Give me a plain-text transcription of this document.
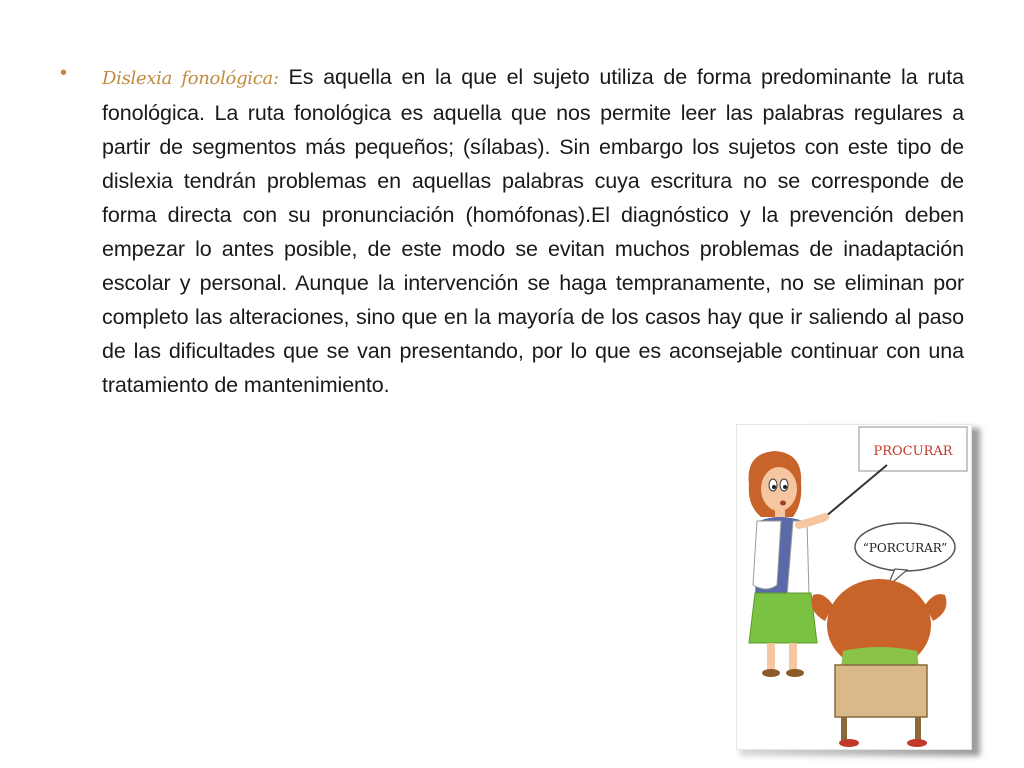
• Dislexia fonológica: Es aquella en la que el sujeto utiliza de forma predominante la ruta fonológica. La ruta fonológica es aquella que nos permite leer las palabras regulares a partir de segmentos más pequeños; (sílabas). Sin embargo los sujetos con este tipo de dislexia tendrán problemas en aquellas palabras cuya escritura no se corresponde de forma directa con su pronunciación (homófonas).El diagnóstico y la prevención deben empezar lo antes posible, de este modo se evitan muchos problemas de inadaptación escolar y personal. Aunque la intervención se haga tempranamente, no se eliminan por completo las alteraciones, sino que en la mayoría de los casos hay que ir saliendo al paso de las dificultades que se van presentando, por lo que es aconsejable continuar con una tratamiento de mantenimiento.

PROCURAR
“PORCURAR”
